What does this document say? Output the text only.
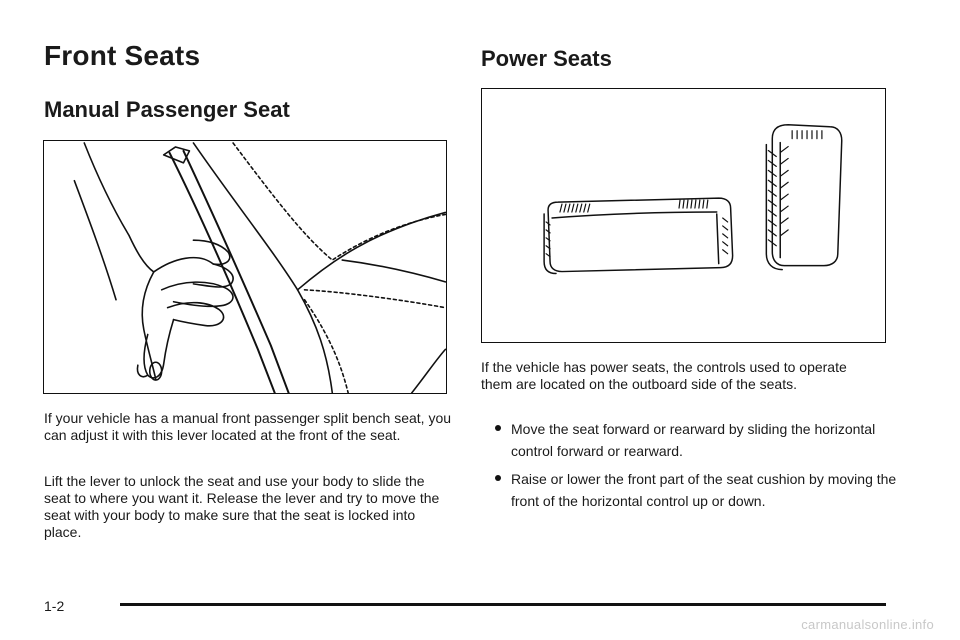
Front Seats
Manual Passenger Seat

If your vehicle has a manual front passenger split bench seat, you can adjust it with this lever located at the front of the seat.

Lift the lever to unlock the seat and use your body to slide the seat to where you want it. Release the lever and try to move the seat with your body to make sure that the seat is locked into place.

Power Seats

If the vehicle has power seats, the controls used to operate them are located on the outboard side of the seats.

Move the seat forward or rearward by sliding the horizontal control forward or rearward.
Raise or lower the front part of the seat cushion by moving the front of the horizontal control up or down.
1-2
carmanualsonline.info
